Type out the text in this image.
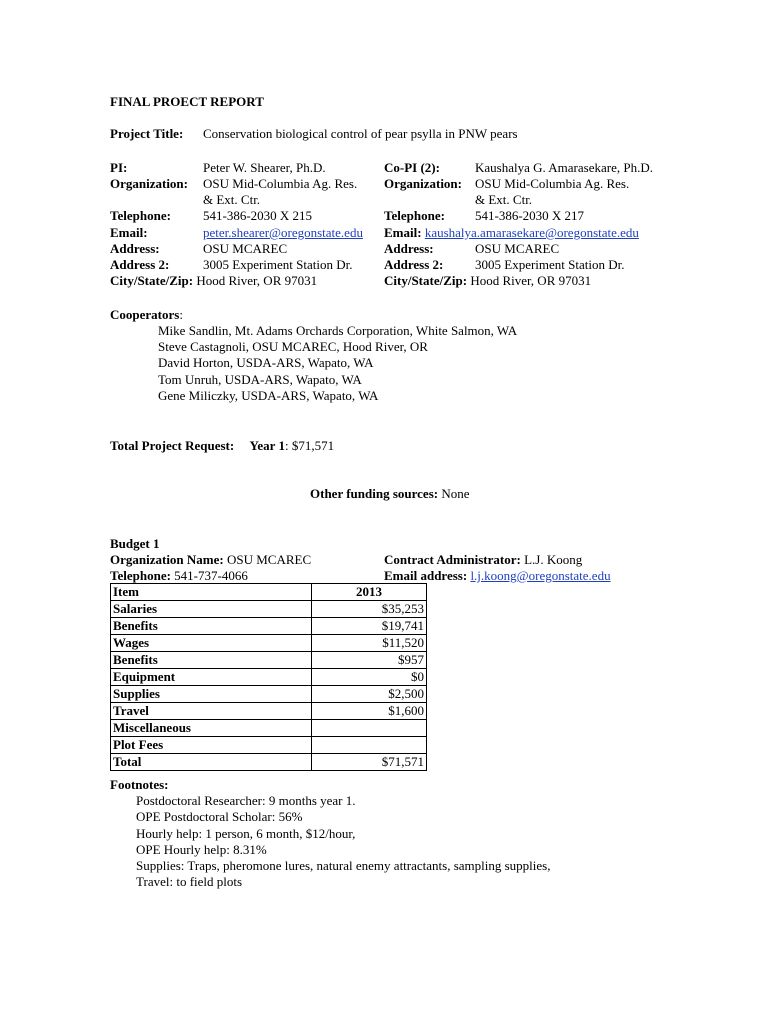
FINAL PROECT REPORT
Project Title: Conservation biological control of pear psylla in PNW pears
PI:	Peter W. Shearer, Ph.D.
Organization: OSU Mid-Columbia Ag. Res.
& Ext. Ctr.
Telephone: 541-386-2030 X 215
Email:	peter.shearer@oregonstate.edu
Address:	OSU MCAREC
Address 2:	3005 Experiment Station Dr.
City/State/Zip: Hood River, OR 97031
Co-PI (2):	Kaushalya G. Amarasekare, Ph.D.
Organization: OSU Mid-Columbia Ag. Res.
& Ext. Ctr.
Telephone: 541-386-2030 X 217
Email: kaushalya.amarasekare@oregonstate.edu
Address:	OSU MCAREC
Address 2: 3005 Experiment Station Dr.
City/State/Zip: Hood River, OR 97031
Cooperators:
Mike Sandlin, Mt. Adams Orchards Corporation, White Salmon, WA
Steve Castagnoli, OSU MCAREC, Hood River, OR
David Horton, USDA-ARS, Wapato, WA
Tom Unruh, USDA-ARS, Wapato, WA
Gene Miliczky, USDA-ARS, Wapato, WA
Total Project Request: Year 1: $71,571
Other funding sources: None
Budget 1
Organization Name: OSU MCAREC	Contract Administrator: L.J. Koong
Telephone: 541-737-4066	Email address: l.j.koong@oregonstate.edu
Item	2013
Salaries	$35,253
Benefits	$19,741
Wages	$11,520
Benefits	$957
Equipment	$0
Supplies	$2,500
Travel	$1,600
Miscellaneous	
Plot Fees	
Total	$71,571
Footnotes:
Postdoctoral Researcher: 9 months year 1.
OPE Postdoctoral Scholar: 56%
Hourly help: 1 person, 6 month, $12/hour,
OPE Hourly help: 8.31%
Supplies: Traps, pheromone lures, natural enemy attractants, sampling supplies,
Travel: to field plots
